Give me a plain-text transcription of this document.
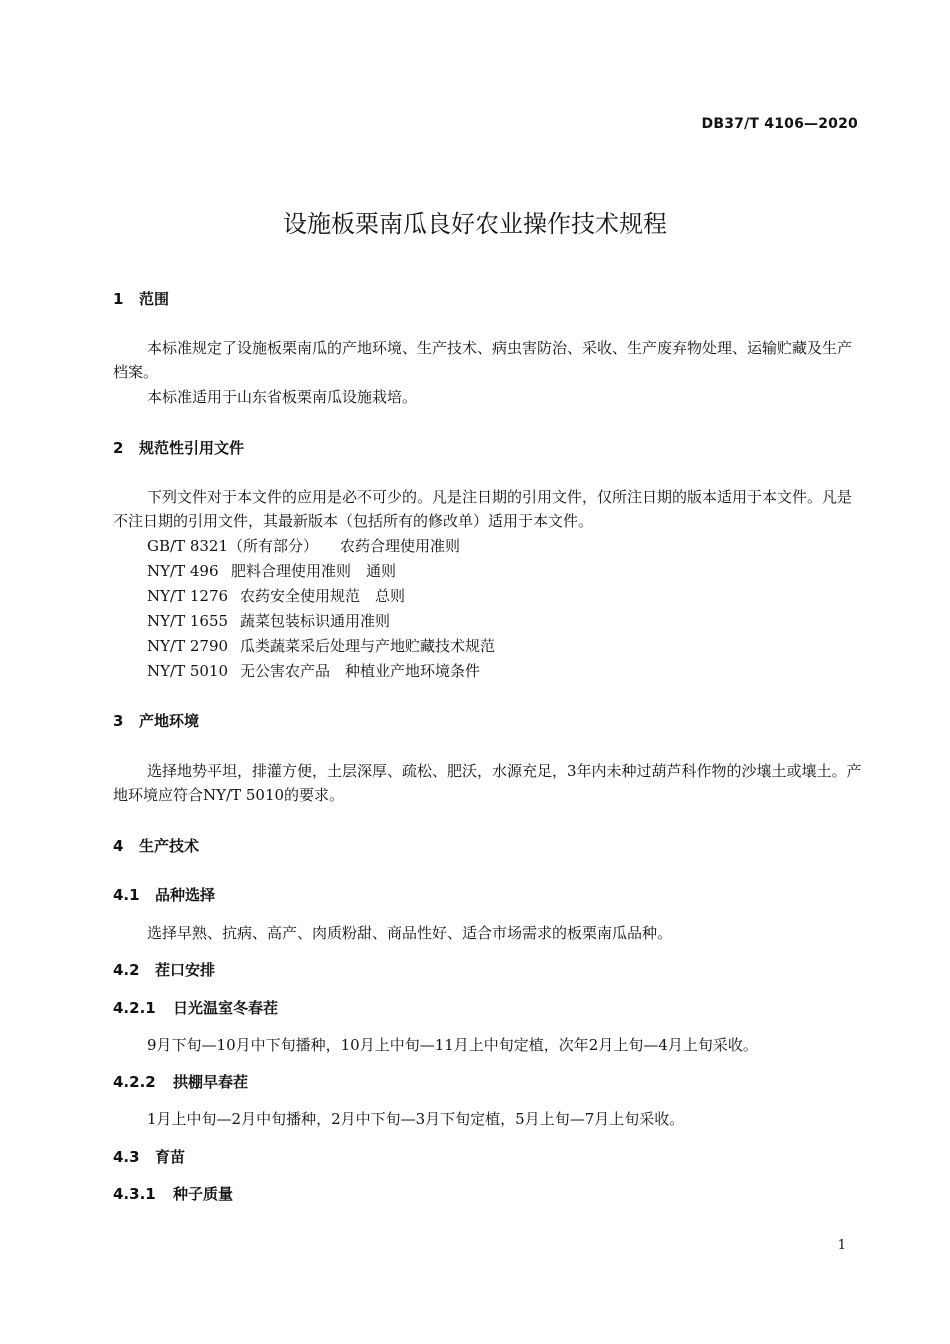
DB37/T 4106—2020
设施板栗南瓜良好农业操作技术规程
1 范围

本标准规定了设施板栗南瓜的产地环境、生产技术、病虫害防治、采收、生产废弃物处理、运输贮藏及生产档案。

本标准适用于山东省板栗南瓜设施栽培。

2 规范性引用文件

下列文件对于本文件的应用是必不可少的。凡是注日期的引用文件，仅所注日期的版本适用于本文件。凡是不注日期的引用文件，其最新版本（包括所有的修改单）适用于本文件。

GB/T 8321（所有部分） 农药合理使用准则
NY/T 496 肥料合理使用准则　通则
NY/T 1276 农药安全使用规范　总则
NY/T 1655 蔬菜包装标识通用准则
NY/T 2790 瓜类蔬菜采后处理与产地贮藏技术规范
NY/T 5010 无公害农产品　种植业产地环境条件
3 产地环境

选择地势平坦，排灌方便，土层深厚、疏松、肥沃，水源充足，3年内未种过葫芦科作物的沙壤土或壤土。产地环境应符合NY/T 5010的要求。

4 生产技术
4.1 品种选择

选择早熟、抗病、高产、肉质粉甜、商品性好、适合市场需求的板栗南瓜品种。

4.2 茬口安排
4.2.1 日光温室冬春茬

9月下旬—10月中下旬播种，10月上中旬—11月上中旬定植，次年2月上旬—4月上旬采收。

4.2.2 拱棚早春茬

1月上中旬—2月中旬播种，2月中下旬—3月下旬定植，5月上旬—7月上旬采收。

4.3 育苗
4.3.1 种子质量
1
